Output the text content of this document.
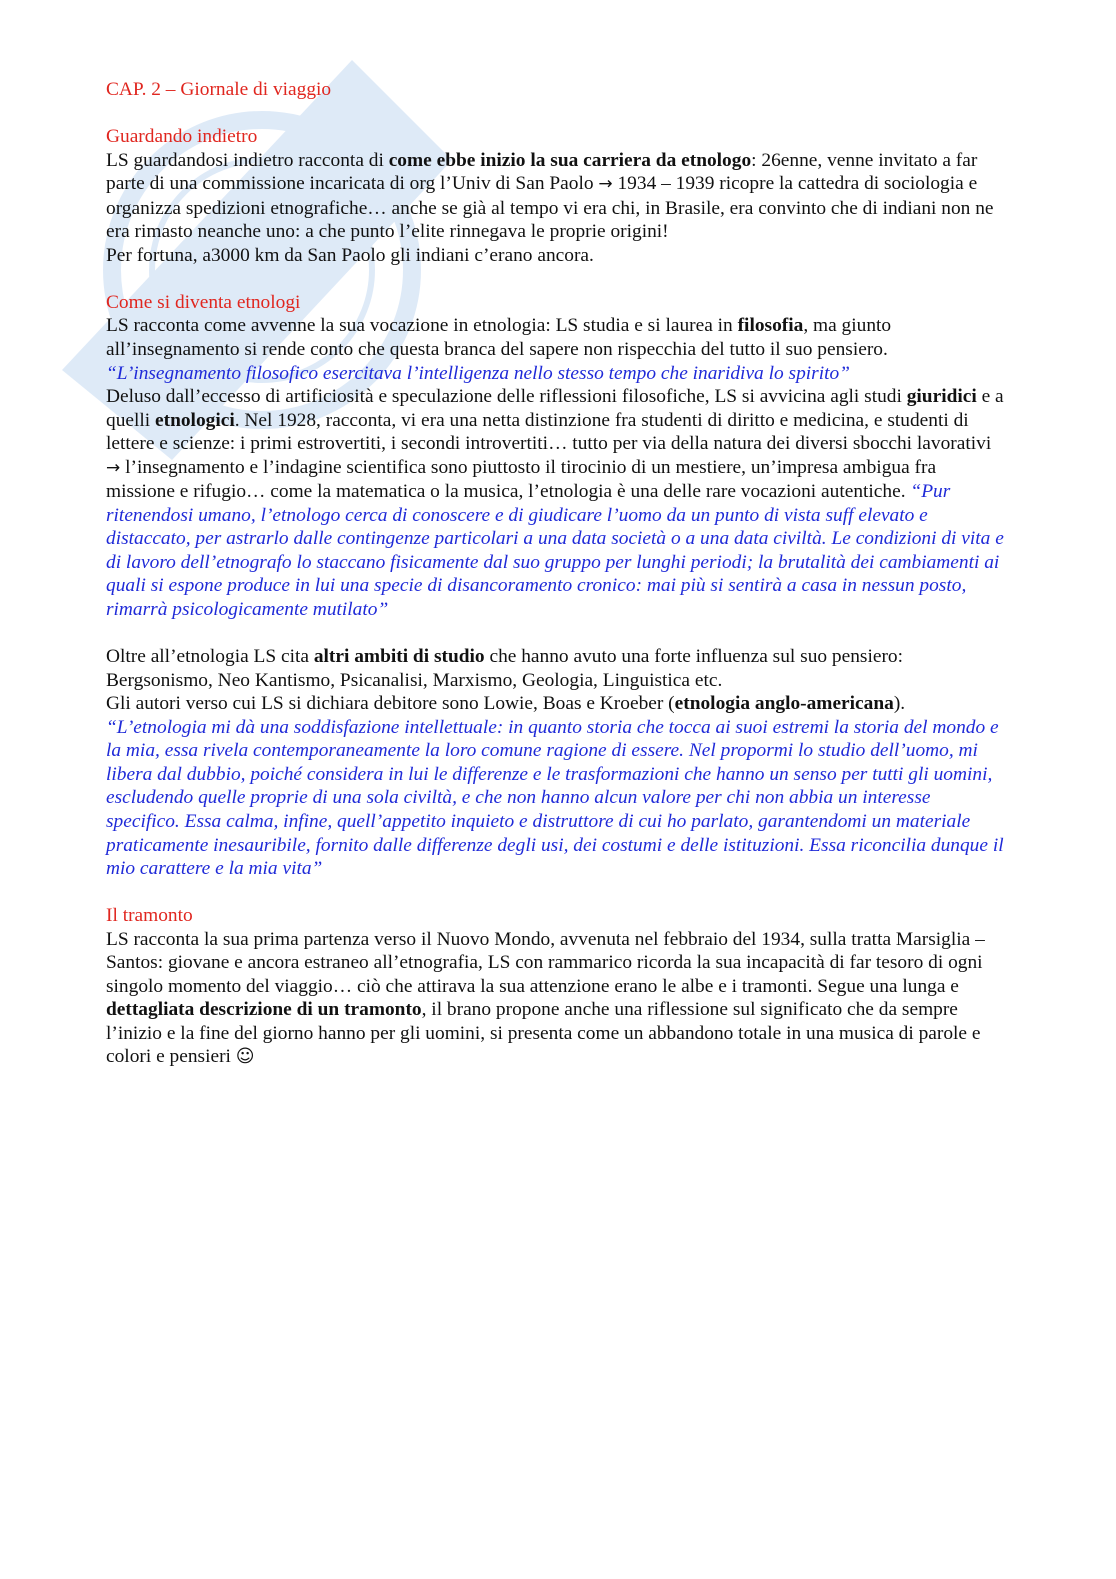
CAP. 2 – Giornale di viaggio

Guardando indietro

LS guardandosi indietro racconta di come ebbe inizio la sua carriera da etnologo: 26enne, venne invitato a far parte di una commissione incaricata di org l’Univ di San Paolo → 1934 – 1939 ricopre la cattedra di sociologia e organizza spedizioni etnografiche… anche se già al tempo vi era chi, in Brasile, era convinto che di indiani non ne era rimasto neanche uno: a che punto l’elite rinnegava le proprie origini!

Per fortuna, a3000 km da San Paolo gli indiani c’erano ancora.

Come si diventa etnologi

LS racconta come avvenne la sua vocazione in etnologia: LS studia e si laurea in filosofia, ma giunto all’insegnamento si rende conto che questa branca del sapere non rispecchia del tutto il suo pensiero.

“L’insegnamento filosofico esercitava l’intelligenza nello stesso tempo che inaridiva lo spirito”

Deluso dall’eccesso di artificiosità e speculazione delle riflessioni filosofiche, LS si avvicina agli studi giuridici e a quelli etnologici. Nel 1928, racconta, vi era una netta distinzione fra studenti di diritto e medicina, e studenti di lettere e scienze: i primi estrovertiti, i secondi introvertiti… tutto per via della natura dei diversi sbocchi lavorativi → l’insegnamento e l’indagine scientifica sono piuttosto il tirocinio di un mestiere, un’impresa ambigua fra missione e rifugio… come la matematica o la musica, l’etnologia è una delle rare vocazioni autentiche. “Pur ritenendosi umano, l’etnologo cerca di conoscere e di giudicare l’uomo da un punto di vista suff elevato e distaccato, per astrarlo dalle contingenze particolari a una data società o a una data civiltà. Le condizioni di vita e di lavoro dell’etnografo lo staccano fisicamente dal suo gruppo per lunghi periodi; la brutalità dei cambiamenti ai quali si espone produce in lui una specie di disancoramento cronico: mai più si sentirà a casa in nessun posto, rimarrà psicologicamente mutilato”

Oltre all’etnologia LS cita altri ambiti di studio che hanno avuto una forte influenza sul suo pensiero: Bergsonismo, Neo Kantismo, Psicanalisi, Marxismo, Geologia, Linguistica etc.

Gli autori verso cui LS si dichiara debitore sono Lowie, Boas e Kroeber (etnologia anglo-americana).

“L’etnologia mi dà una soddisfazione intellettuale: in quanto storia che tocca ai suoi estremi la storia del mondo e la mia, essa rivela contemporaneamente la loro comune ragione di essere. Nel propormi lo studio dell’uomo, mi libera dal dubbio, poiché considera in lui le differenze e le trasformazioni che hanno un senso per tutti gli uomini, escludendo quelle proprie di una sola civiltà, e che non hanno alcun valore per chi non abbia un interesse specifico. Essa calma, infine, quell’appetito inquieto e distruttore di cui ho parlato, garantendomi un materiale praticamente inesauribile, fornito dalle differenze degli usi, dei costumi e delle istituzioni. Essa riconcilia dunque il mio carattere e la mia vita”

Il tramonto

LS racconta la sua prima partenza verso il Nuovo Mondo, avvenuta nel febbraio del 1934, sulla tratta Marsiglia – Santos: giovane e ancora estraneo all’etnografia, LS con rammarico ricorda la sua incapacità di far tesoro di ogni singolo momento del viaggio… ciò che attirava la sua attenzione erano le albe e i tramonti. Segue una lunga e dettagliata descrizione di un tramonto, il brano propone anche una riflessione sul significato che da sempre l’inizio e la fine del giorno hanno per gli uomini, si presenta come un abbandono totale in una musica di parole e colori e pensieri ☺
